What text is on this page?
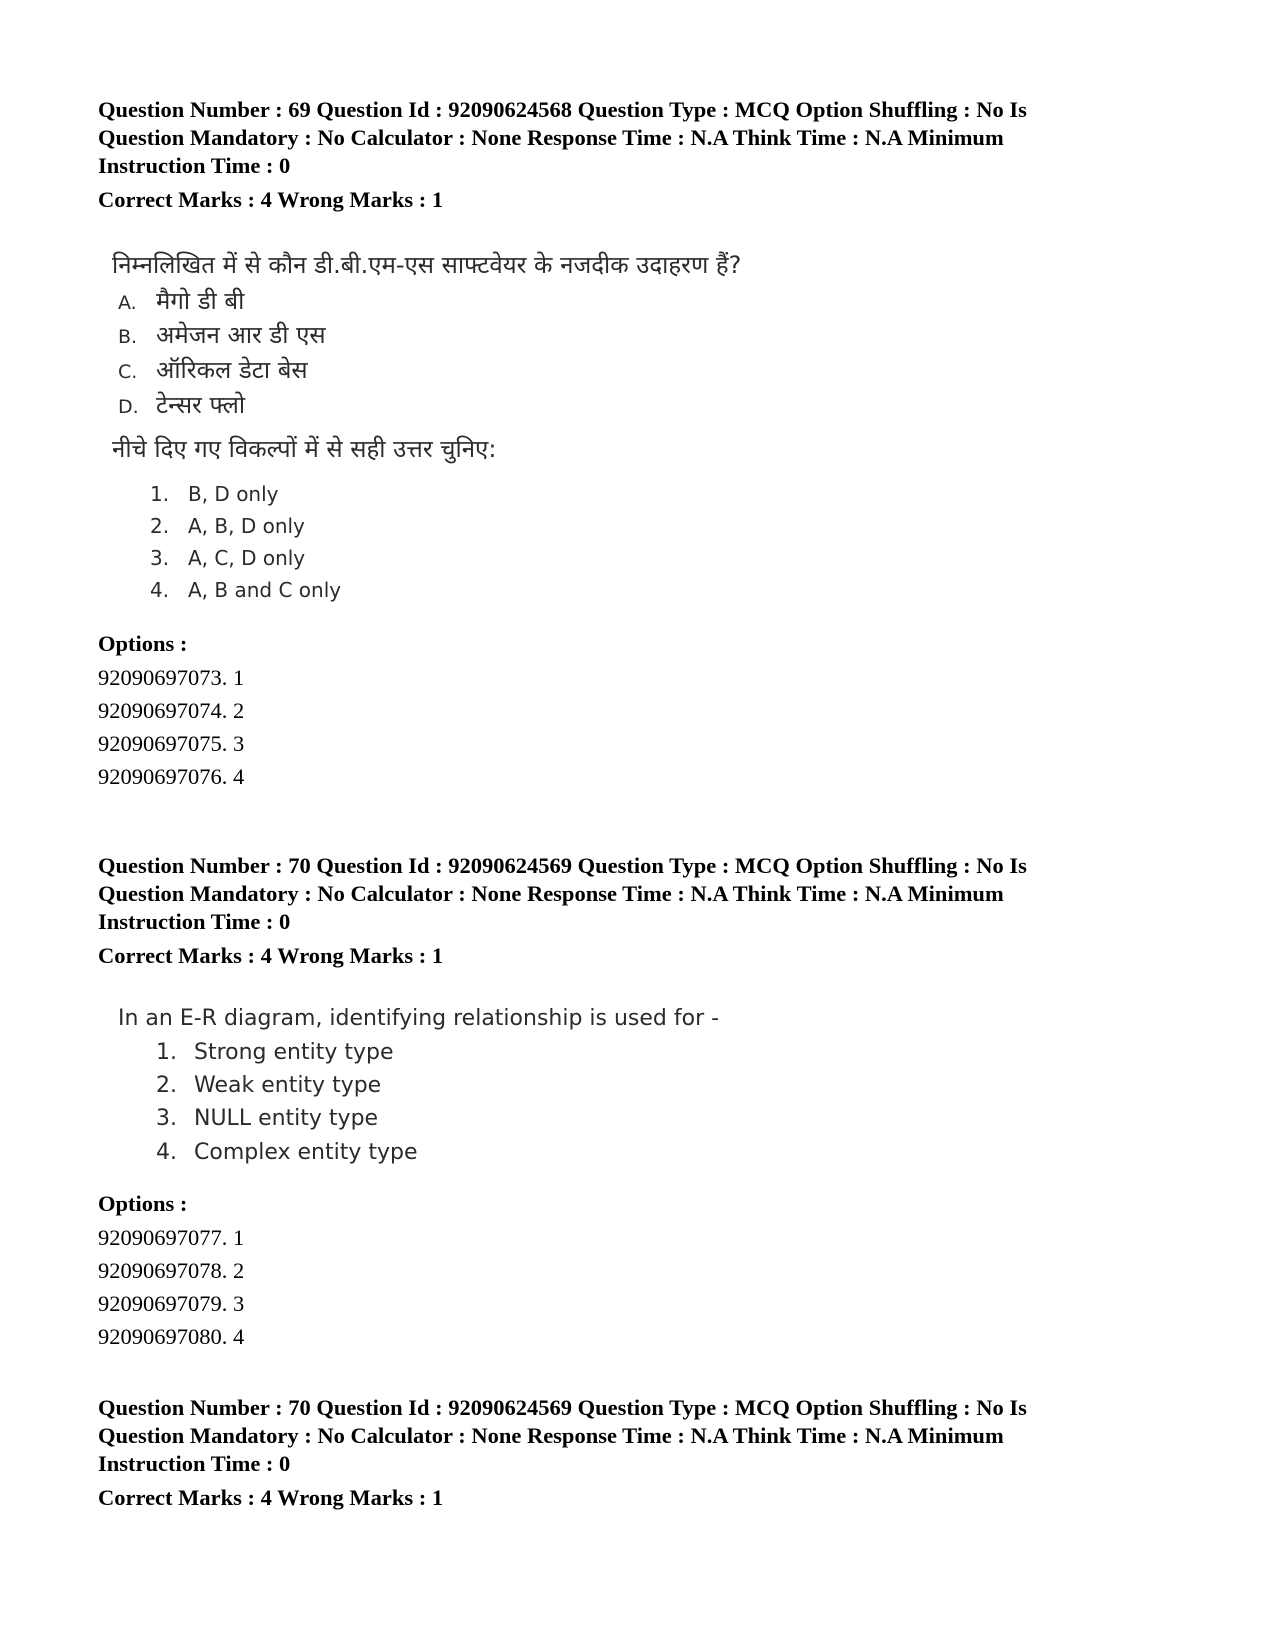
Question Number : 69 Question Id : 92090624568 Question Type : MCQ Option Shuffling : No Is

Question Mandatory : No Calculator : None Response Time : N.A Think Time : N.A Minimum

Instruction Time : 0

Correct Marks : 4 Wrong Marks : 1
निम्नलिखित में से कौन डी.बी.एम-एस साफ्टवेयर के नजदीक उदाहरण हैं?
A. मैगो डी बी
B. अमेजन आर डी एस
C. ऑरिकल डेटा बेस
D. टेन्सर फ्लो
नीचे दिए गए विकल्पों में से सही उत्तर चुनिए:
1. B, D only
2. A, B, D only
3. A, C, D only
4. A, B and C only
Options :
92090697073. 1
92090697074. 2
92090697075. 3
92090697076. 4

Question Number : 70 Question Id : 92090624569 Question Type : MCQ Option Shuffling : No Is

Question Mandatory : No Calculator : None Response Time : N.A Think Time : N.A Minimum

Instruction Time : 0

Correct Marks : 4 Wrong Marks : 1
In an E-R diagram, identifying relationship is used for -
1. Strong entity type
2. Weak entity type
3. NULL entity type
4. Complex entity type
Options :
92090697077. 1
92090697078. 2
92090697079. 3
92090697080. 4

Question Number : 70 Question Id : 92090624569 Question Type : MCQ Option Shuffling : No Is

Question Mandatory : No Calculator : None Response Time : N.A Think Time : N.A Minimum

Instruction Time : 0

Correct Marks : 4 Wrong Marks : 1
